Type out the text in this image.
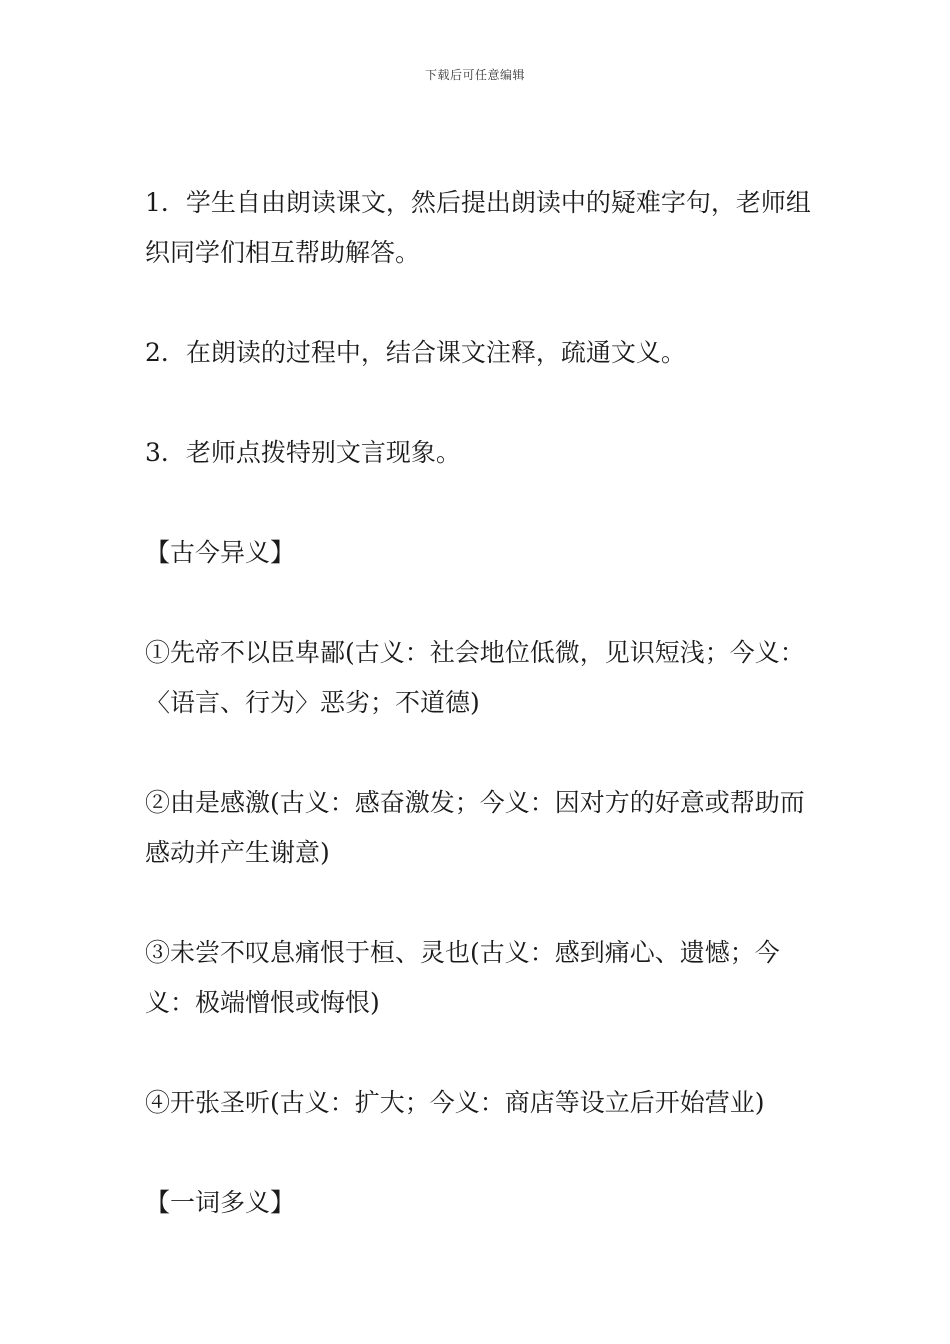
下载后可任意编辑

1．学生自由朗读课文，然后提出朗读中的疑难字句，老师组织同学们相互帮助解答。

2．在朗读的过程中，结合课文注释，疏通文义。

3．老师点拨特别文言现象。

【古今异义】

①先帝不以臣卑鄙(古义：社会地位低微，见识短浅；今义：〈语言、行为〉恶劣；不道德)

②由是感激(古义：感奋激发；今义：因对方的好意或帮助而感动并产生谢意)

③未尝不叹息痛恨于桓、灵也(古义：感到痛心、遗憾；今义：极端憎恨或悔恨)

④开张圣听(古义：扩大；今义：商店等设立后开始营业)

【一词多义】
